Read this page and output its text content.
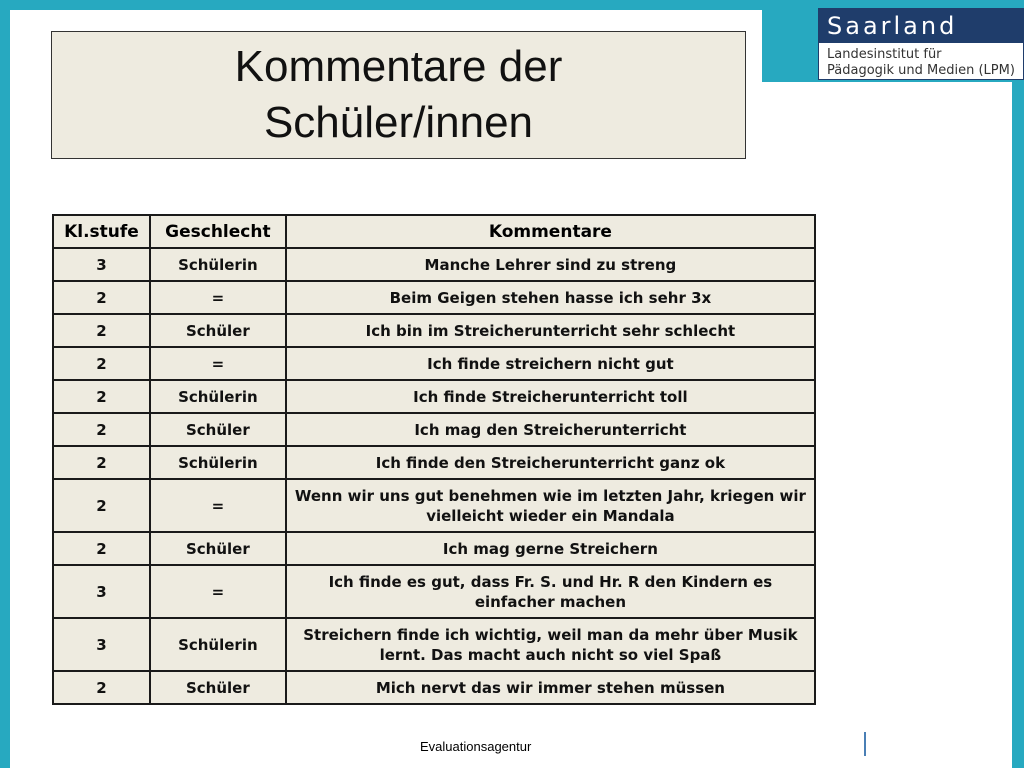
Saarland
Landesinstitut für
Pädagogik und Medien (LPM)
Kommentare der
Schüler/innen
Kl.stufe	Geschlecht	Kommentare
3	Schülerin	Manche Lehrer sind zu streng
2	=	Beim Geigen stehen hasse ich sehr 3x
2	Schüler	Ich bin im Streicherunterricht sehr schlecht
2	=	Ich finde streichern nicht gut
2	Schülerin	Ich finde Streicherunterricht toll
2	Schüler	Ich mag den Streicherunterricht
2	Schülerin	Ich finde den Streicherunterricht ganz ok
2	=	Wenn wir uns gut benehmen wie im letzten Jahr, kriegen wir vielleicht wieder ein Mandala
2	Schüler	Ich mag gerne Streichern
3	=	Ich finde es gut, dass Fr. S. und Hr. R den Kindern es einfacher machen
3	Schülerin	Streichern finde ich wichtig, weil man da mehr über Musik lernt. Das macht auch nicht so viel Spaß
2	Schüler	Mich nervt das wir immer stehen müssen
Evaluationsagentur
